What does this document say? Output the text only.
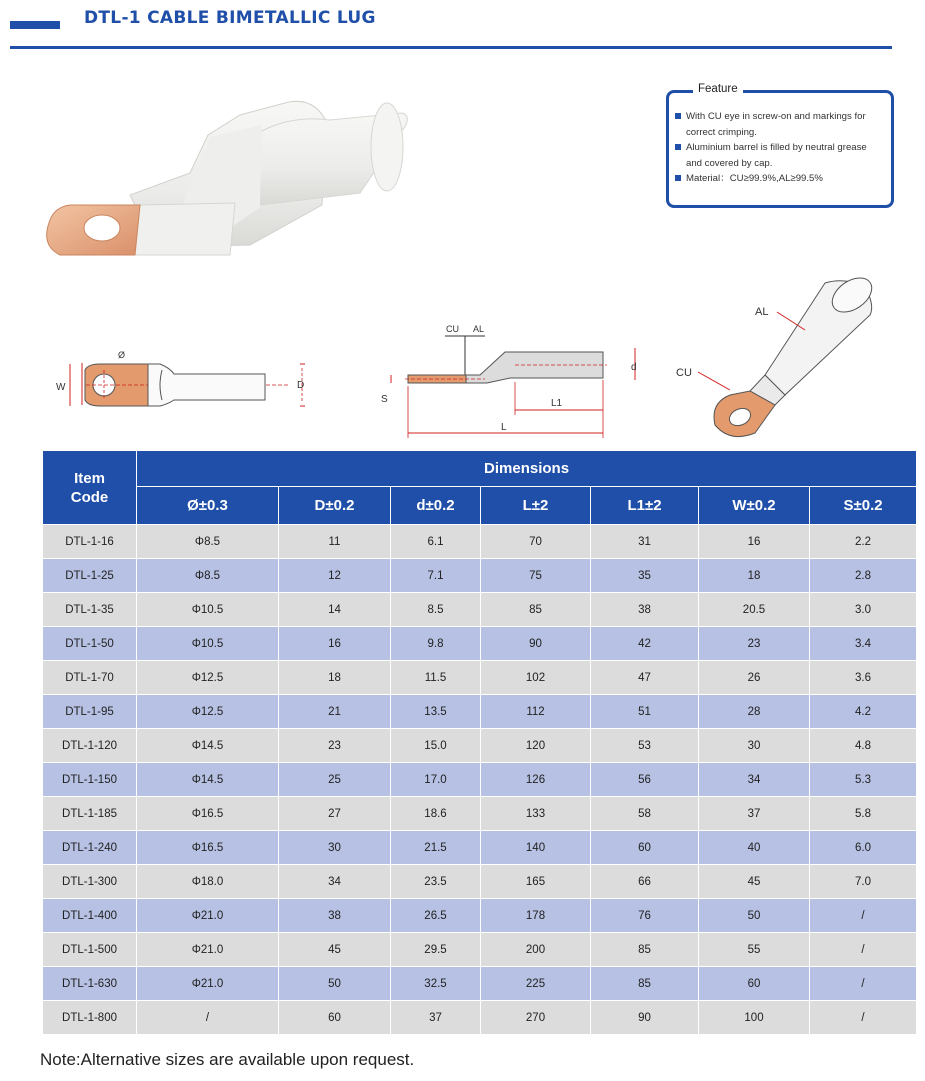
DTL-1 CABLE BIMETALLIC LUG
Feature
With CU eye in screw-on and markings for correct crimping.
Aluminium barrel is filled by neutral grease and covered by cap.
Material：CU≥99.9%,AL≥99.5%
D
W
Ø
CU AL
d
S	L1
L
AL
CU
Item
Code	Dimensions						
	Ø±0.3	D±0.2	d±0.2	L±2	L1±2	W±0.2	S±0.2
DTL-1-16	Φ8.5	11	6.1	70	31	16	2.2
DTL-1-25	Φ8.5	12	7.1	75	35	18	2.8
DTL-1-35	Φ10.5	14	8.5	85	38	20.5	3.0
DTL-1-50	Φ10.5	16	9.8	90	42	23	3.4
DTL-1-70	Φ12.5	18	11.5	102	47	26	3.6
DTL-1-95	Φ12.5	21	13.5	112	51	28	4.2
DTL-1-120	Φ14.5	23	15.0	120	53	30	4.8
DTL-1-150	Φ14.5	25	17.0	126	56	34	5.3
DTL-1-185	Φ16.5	27	18.6	133	58	37	5.8
DTL-1-240	Φ16.5	30	21.5	140	60	40	6.0
DTL-1-300	Φ18.0	34	23.5	165	66	45	7.0
DTL-1-400	Φ21.0	38	26.5	178	76	50	/
DTL-1-500	Φ21.0	45	29.5	200	85	55	/
DTL-1-630	Φ21.0	50	32.5	225	85	60	/
DTL-1-800	/	60	37	270	90	100	/
Note:Alternative sizes are available upon request.
